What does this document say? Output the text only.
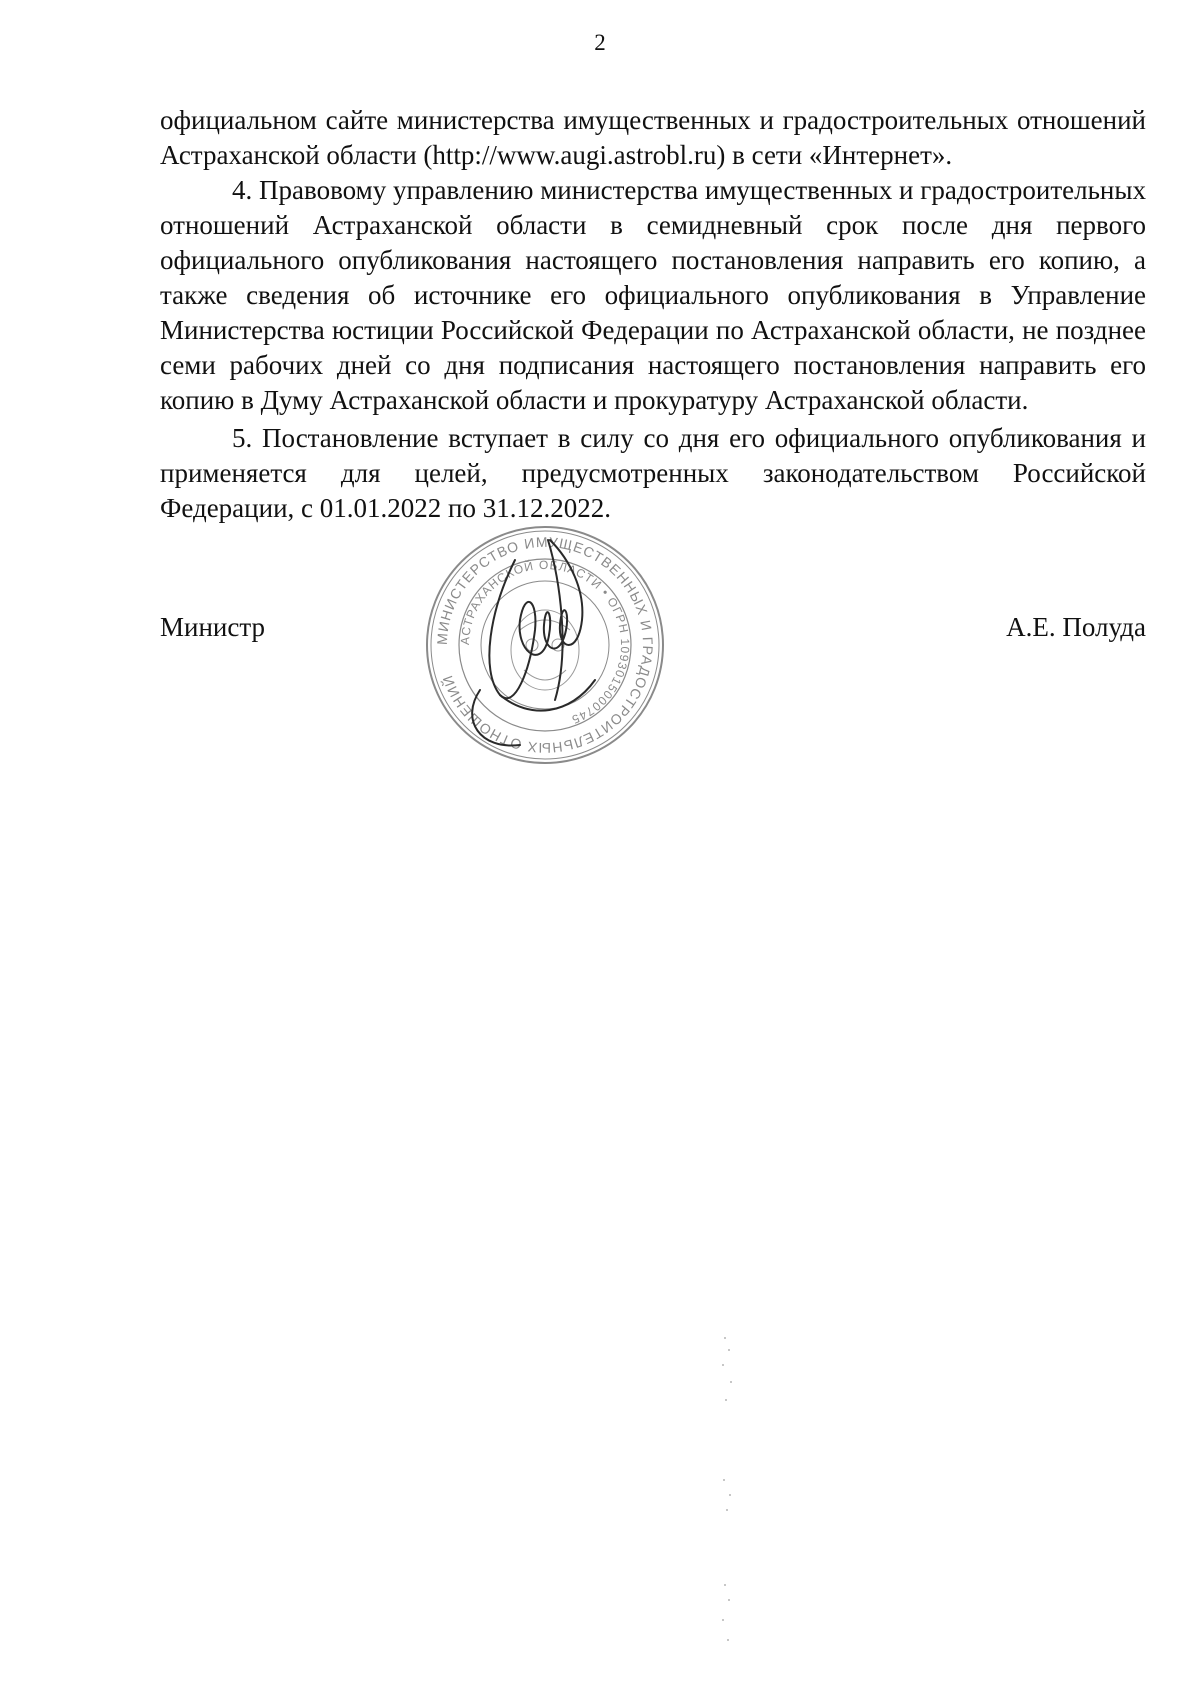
2

официальном сайте министерства имущественных и градостроительных отношений Астраханской области (http://www.augi.astrobl.ru) в сети «Интернет».

4. Правовому управлению министерства имущественных и градостроительных отношений Астраханской области в семидневный срок после дня первого официального опубликования настоящего постановления направить его копию, а также сведения об источнике его официального опубликования в Управление Министерства юстиции Российской Федерации по Астраханской области, не позднее семи рабочих дней со дня подписания настоящего постановления направить его копию в Думу Астраханской области и прокуратуру Астраханской области.

5. Постановление вступает в силу со дня его официального опубликования и применяется для целей, предусмотренных законодательством Российской Федерации, с 01.01.2022 по 31.12.2022.

Министр	А.Е. Полуда
МИНИСТЕРСТВО ИМУЩЕСТВЕННЫХ И ГРАДОСТРОИТЕЛЬНЫХ ОТНОШЕНИЙ
АСТРАХАНСКОЙ ОБЛАСТИ • ОГРН 1093015000745
